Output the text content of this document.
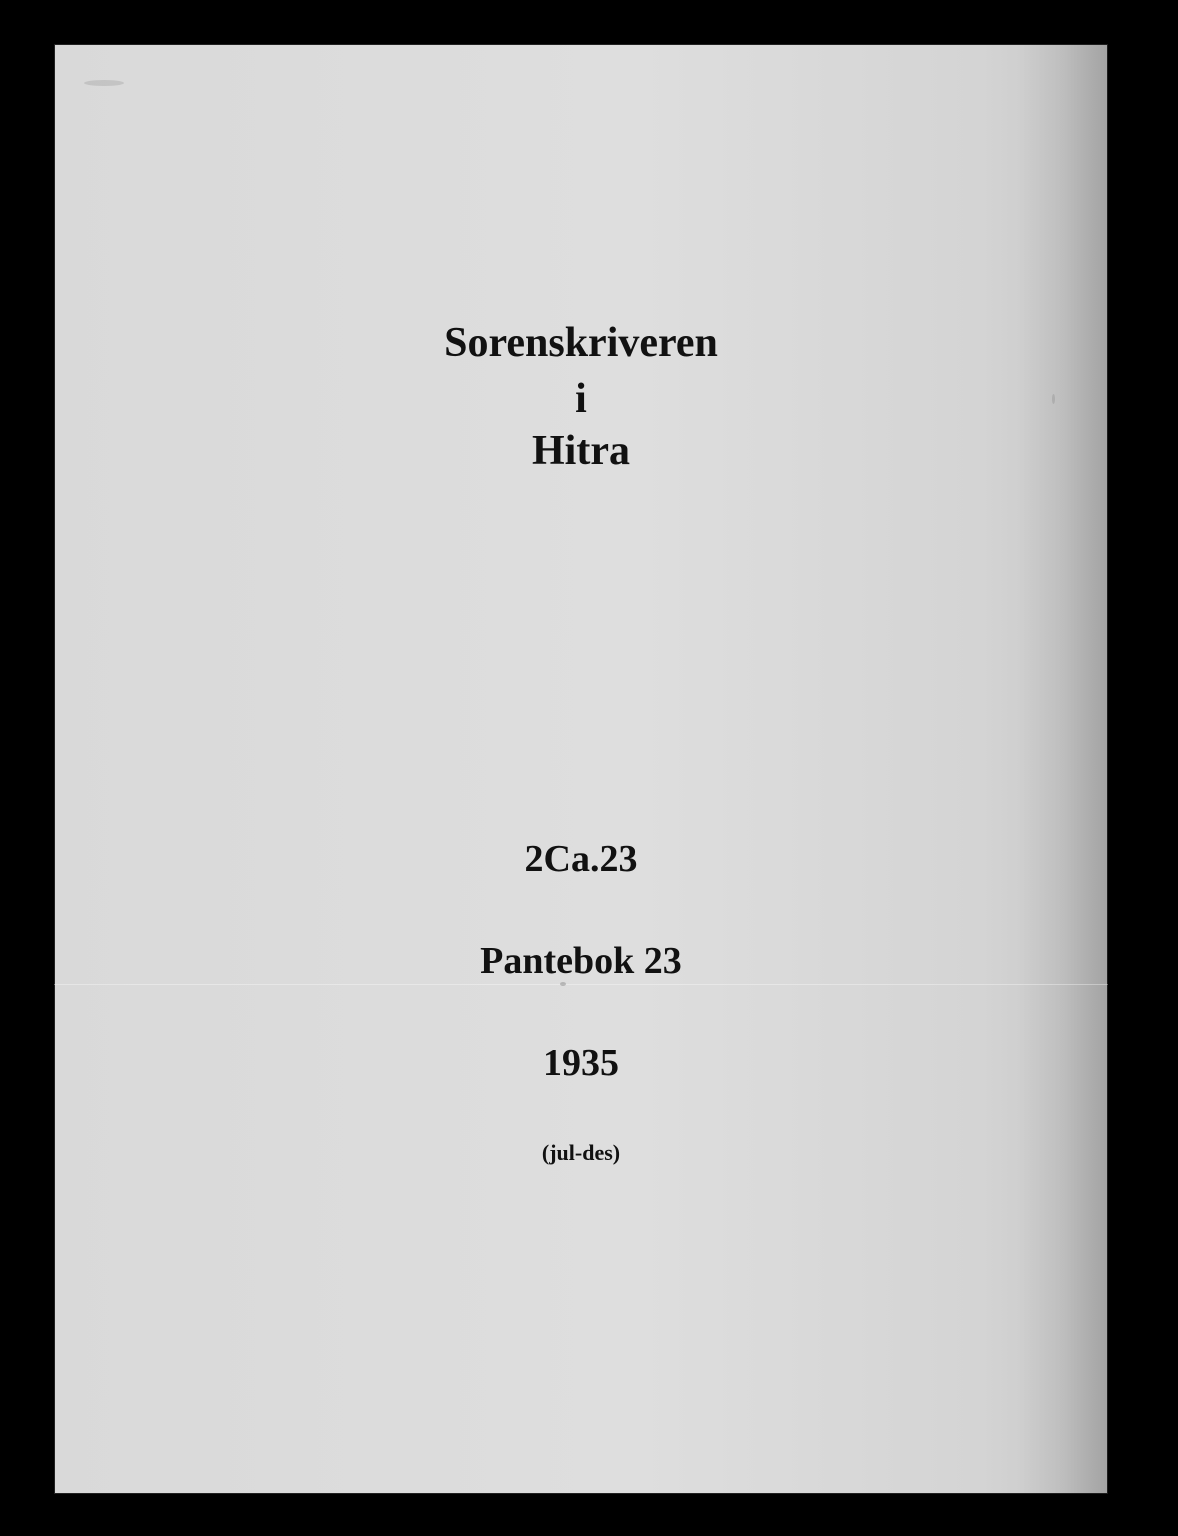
Sorenskriveren
i
Hitra
2Ca.23
Pantebok 23
1935
(jul-des)
